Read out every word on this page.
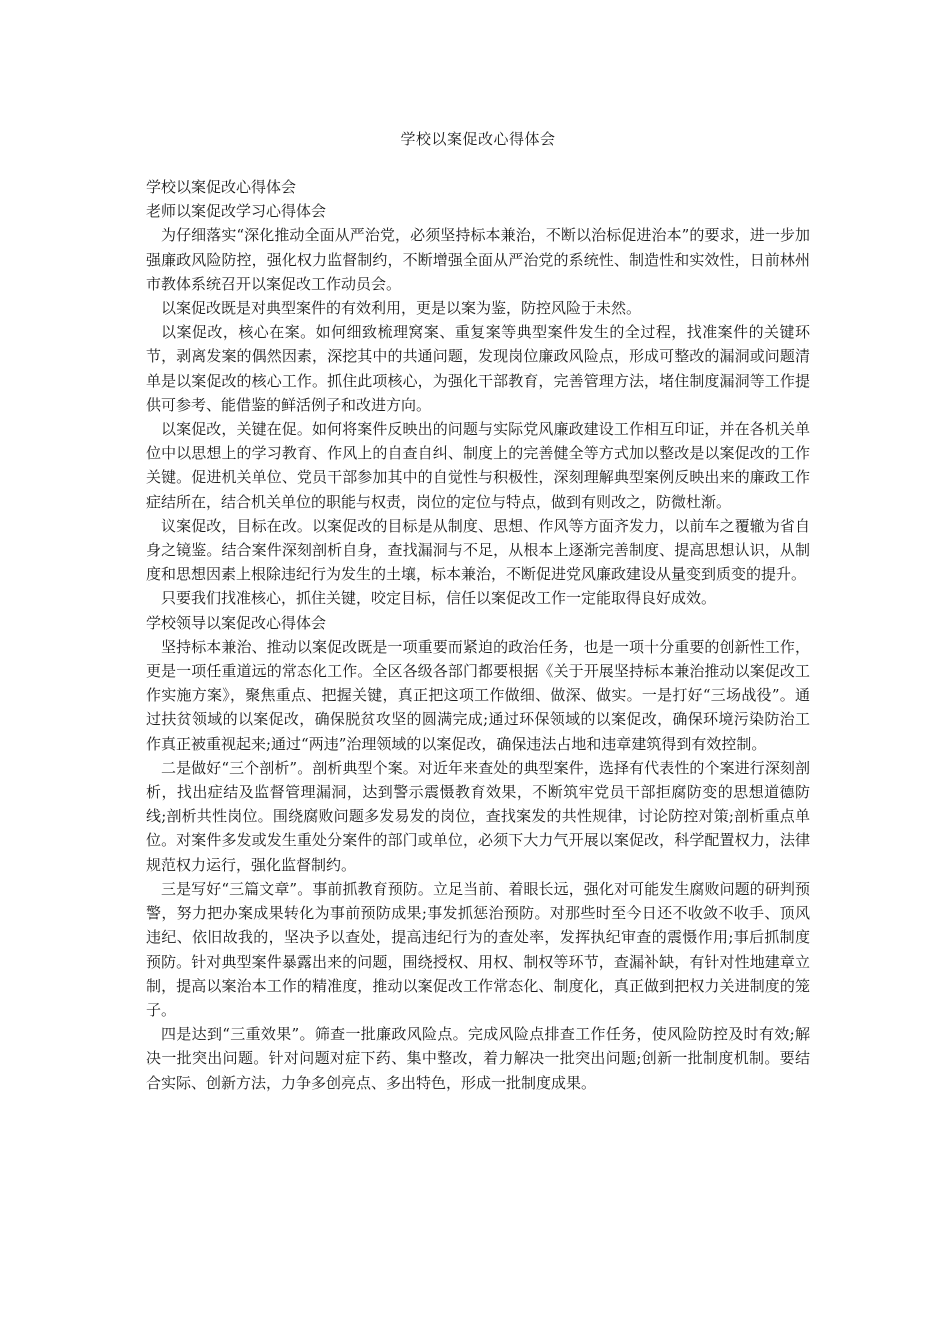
学校以案促改心得体会

学校以案促改心得体会

老师以案促改学习心得体会

为仔细落实“深化推动全面从严治党，必须坚持标本兼治，不断以治标促进治本”的要求，进一步加强廉政风险防控，强化权力监督制约，不断增强全面从严治党的系统性、制造性和实效性，日前林州市教体系统召开以案促改工作动员会。

以案促改既是对典型案件的有效利用，更是以案为鉴，防控风险于未然。

以案促改，核心在案。如何细致梳理窝案、重复案等典型案件发生的全过程，找准案件的关键环节，剥离发案的偶然因素，深挖其中的共通问题，发现岗位廉政风险点，形成可整改的漏洞或问题清单是以案促改的核心工作。抓住此项核心，为强化干部教育，完善管理方法，堵住制度漏洞等工作提供可参考、能借鉴的鲜活例子和改进方向。

以案促改，关键在促。如何将案件反映出的问题与实际党风廉政建设工作相互印证，并在各机关单位中以思想上的学习教育、作风上的自查自纠、制度上的完善健全等方式加以整改是以案促改的工作关键。促进机关单位、党员干部参加其中的自觉性与积极性，深刻理解典型案例反映出来的廉政工作症结所在，结合机关单位的职能与权责，岗位的定位与特点，做到有则改之，防微杜渐。

议案促改，目标在改。以案促改的目标是从制度、思想、作风等方面齐发力，以前车之覆辙为省自身之镜鉴。结合案件深刻剖析自身，查找漏洞与不足，从根本上逐渐完善制度、提高思想认识，从制度和思想因素上根除违纪行为发生的土壤，标本兼治，不断促进党风廉政建设从量变到质变的提升。

只要我们找准核心，抓住关键，咬定目标，信任以案促改工作一定能取得良好成效。

学校领导以案促改心得体会

坚持标本兼治、推动以案促改既是一项重要而紧迫的政治任务，也是一项十分重要的创新性工作，更是一项任重道远的常态化工作。全区各级各部门都要根据《关于开展坚持标本兼治推动以案促改工作实施方案》，聚焦重点、把握关键，真正把这项工作做细、做深、做实。一是打好“三场战役”。通过扶贫领域的以案促改，确保脱贫攻坚的圆满完成;通过环保领域的以案促改，确保环境污染防治工作真正被重视起来;通过“两违”治理领域的以案促改，确保违法占地和违章建筑得到有效控制。

二是做好“三个剖析”。剖析典型个案。对近年来查处的典型案件，选择有代表性的个案进行深刻剖析，找出症结及监督管理漏洞，达到警示震慑教育效果，不断筑牢党员干部拒腐防变的思想道德防线;剖析共性岗位。围绕腐败问题多发易发的岗位，查找案发的共性规律，讨论防控对策;剖析重点单位。对案件多发或发生重处分案件的部门或单位，必须下大力气开展以案促改，科学配置权力，法律规范权力运行，强化监督制约。

三是写好“三篇文章”。事前抓教育预防。立足当前、着眼长远，强化对可能发生腐败问题的研判预警，努力把办案成果转化为事前预防成果;事发抓惩治预防。对那些时至今日还不收敛不收手、顶风违纪、依旧故我的，坚决予以查处，提高违纪行为的查处率，发挥执纪审查的震慑作用;事后抓制度预防。针对典型案件暴露出来的问题，围绕授权、用权、制权等环节，查漏补缺，有针对性地建章立制，提高以案治本工作的精准度，推动以案促改工作常态化、制度化，真正做到把权力关进制度的笼子。

四是达到“三重效果”。筛查一批廉政风险点。完成风险点排查工作任务，使风险防控及时有效;解决一批突出问题。针对问题对症下药、集中整改，着力解决一批突出问题;创新一批制度机制。要结合实际、创新方法，力争多创亮点、多出特色，形成一批制度成果。
